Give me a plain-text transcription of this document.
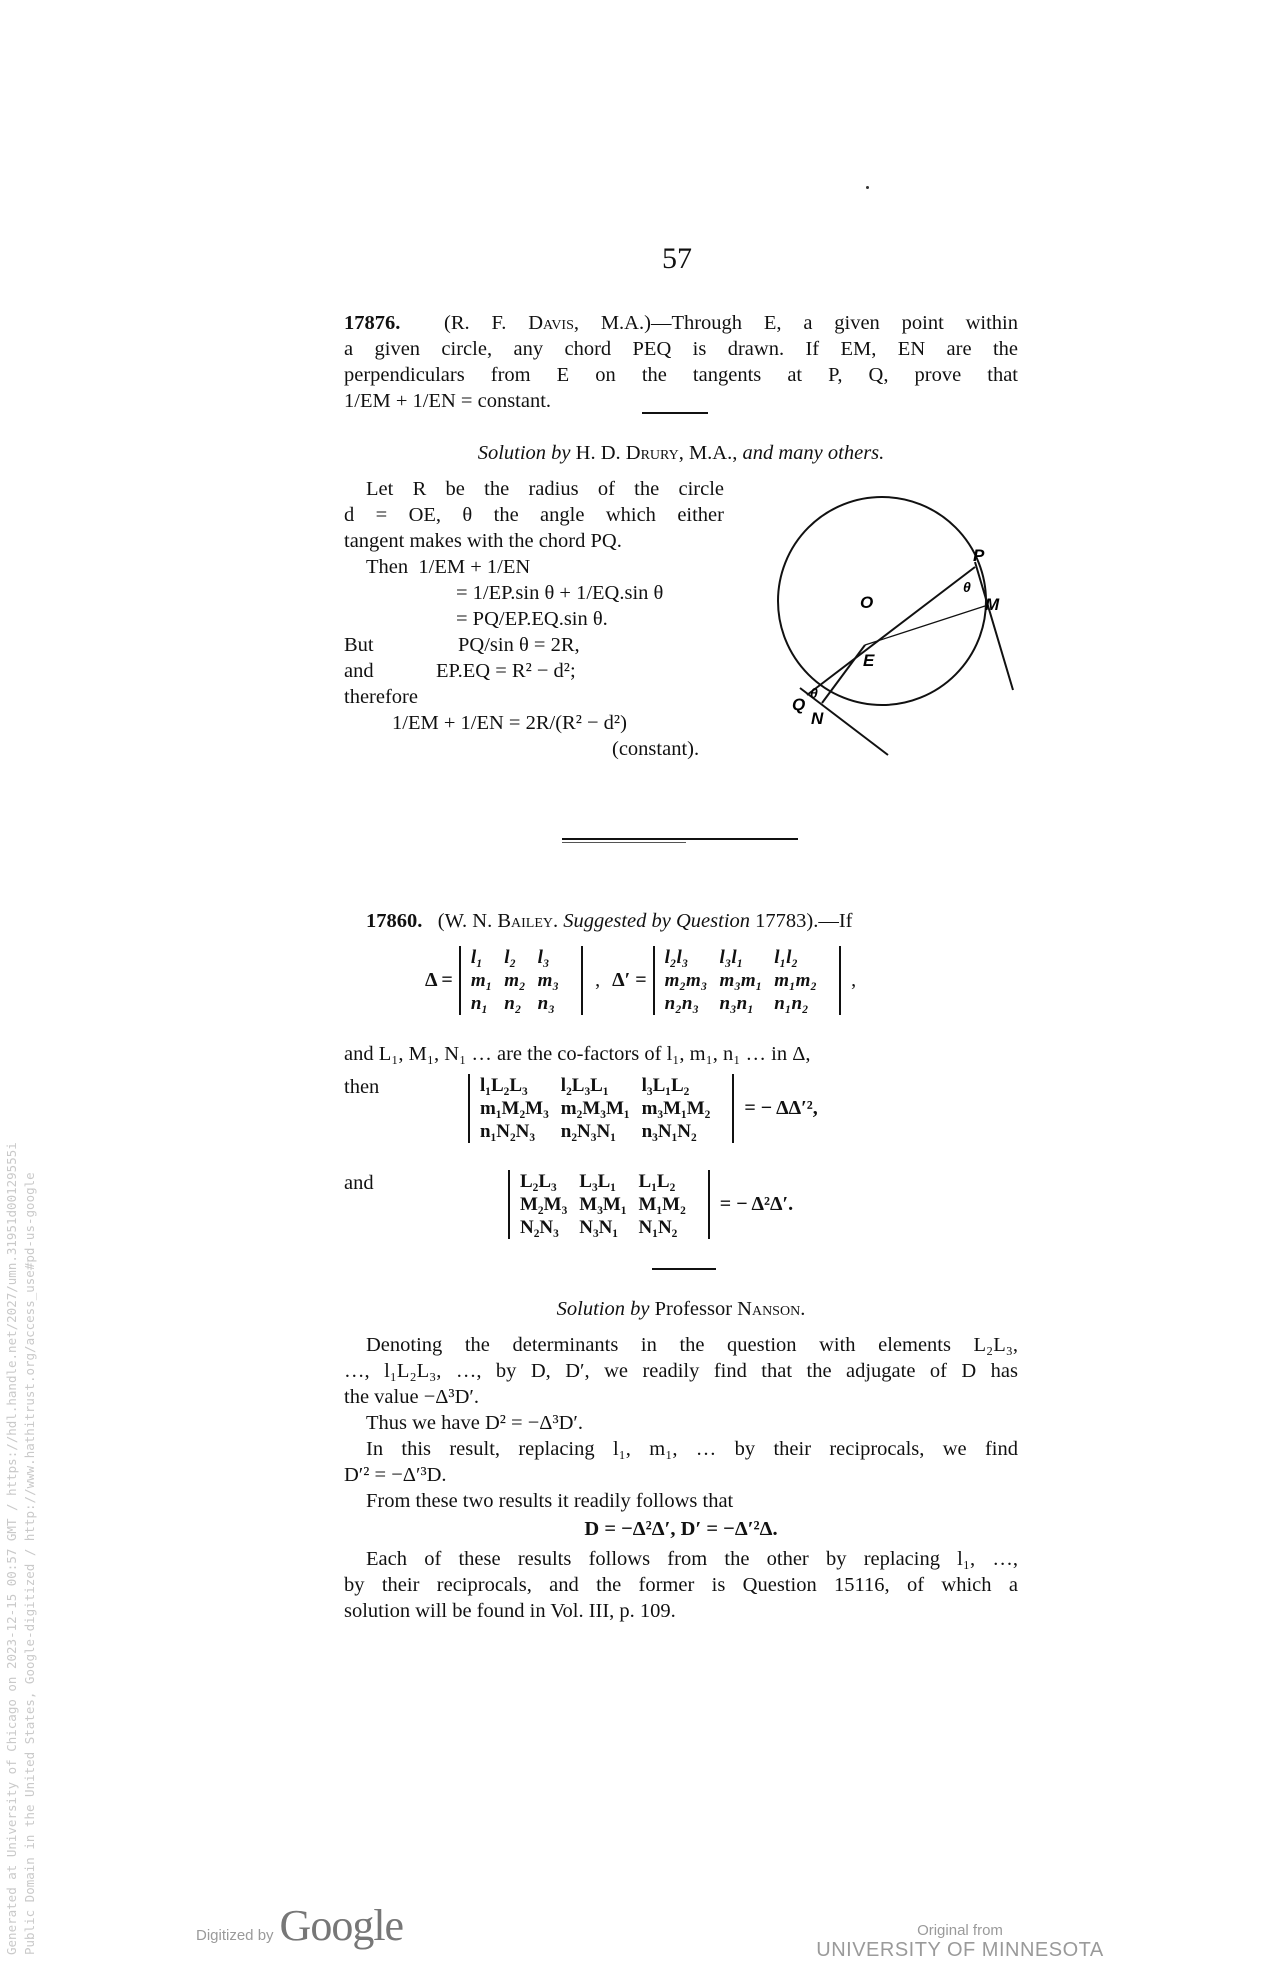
57
17876. (R. F. Davis, M.A.)—Through E, a given point within
a given circle, any chord PEQ is drawn. If EM, EN are the
perpendiculars from E on the tangents at P, Q, prove that
1/EM + 1/EN = constant.
Solution by H. D. Drury, M.A., and many others.
Let R be the radius of the circle
d = OE, θ the angle which either
tangent makes with the chord PQ.
Then 1/EM + 1/EN
= 1/EP.sin θ + 1/EQ.sin θ
= PQ/EP.EQ.sin θ.
But	PQ/sin θ = 2R,
and	EP.EQ = R² − d²;
therefore
1/EM + 1/EN = 2R/(R² − d²)
(constant).
O
P
θ
M
E
Q
θ
N
17860. (W. N. Bailey. Suggested by Question 17783).—If
Δ =
l₁	l₂	l₃
m₁	m₂	m₃
n₁	n₂	n₃
, Δ′ =
l₂l₃	l₃l₁	l₁l₂
m₂m₃	m₃m₁	m₁m₂
n₂n₃	n₃n₁	n₁n₂
,
and L₁, M₁, N₁ … are the co-factors of l₁, m₁, n₁ … in Δ,
then	l₁L₂L₃	l₂L₃L₁	l₃L₁L₂
m₁M₂M₃	m₂M₃M₁	m₃M₁M₂
n₁N₂N₃	n₂N₃N₁	n₃N₁N₂
= − ΔΔ′²,
and	L₂L₃	L₃L₁	L₁L₂
M₂M₃	M₃M₁	M₁M₂
N₂N₃	N₃N₁	N₁N₂
= − Δ²Δ′.
Solution by Professor Nanson.
Denoting the determinants in the question with elements L₂L₃,
…, l₁L₂L₃, …, by D, D′, we readily find that the adjugate of D has
the value −Δ³D′.
Thus we have D² = −Δ³D′.
In this result, replacing l₁, m₁, … by their reciprocals, we find
D′² = −Δ′³D.
From these two results it readily follows that
D = −Δ²Δ′, D′ = −Δ′²Δ.
Each of these results follows from the other by replacing l₁, …,
by their reciprocals, and the former is Question 15116, of which a
solution will be found in Vol. III, p. 109.
Generated at University of Chicago on 2023-12-15 00:57 GMT / https://hdl.handle.net/2027/umn.31951d00129555i Public Domain in the United States, Google-digitized / http://www.hathitrust.org/access_use#pd-us-google	Digitized by Google	Original from
UNIVERSITY OF MINNESOTA
